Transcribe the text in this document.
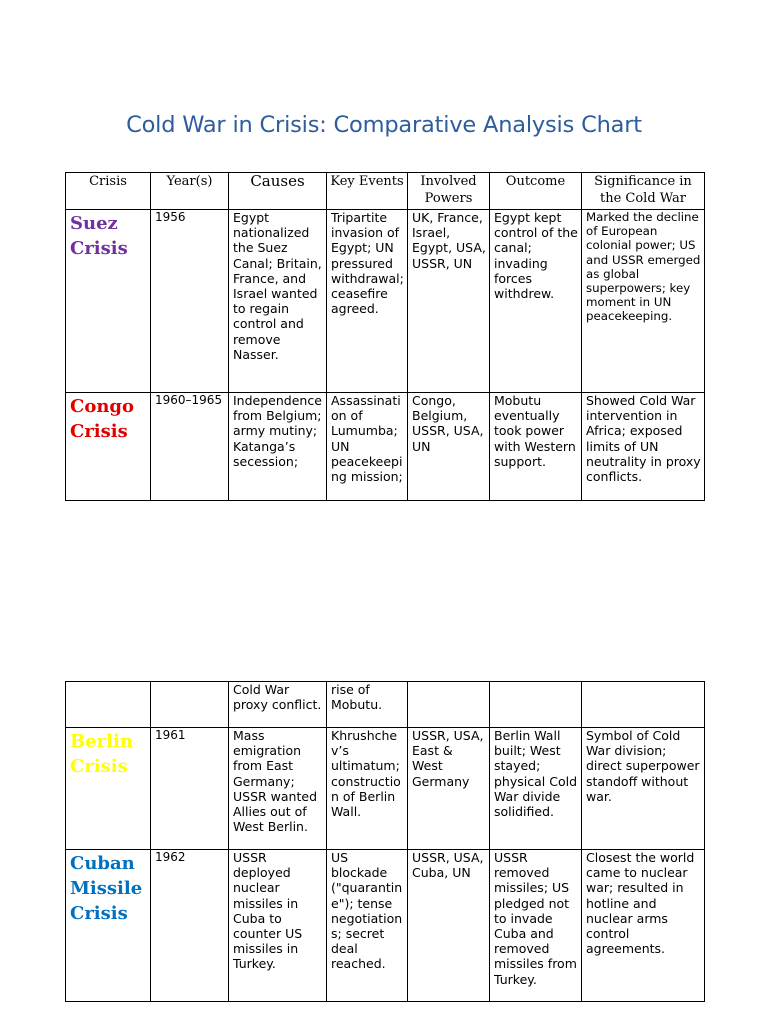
Cold War in Crisis: Comparative Analysis Chart
Crisis	Year(s)	Causes	Key Events	Involved Powers	Outcome	Significance in the Cold War
Suez Crisis	1956	Egypt nationalized the Suez Canal; Britain, France, and Israel wanted to regain control and remove Nasser.	Tripartite invasion of Egypt; UN pressured withdrawal; ceasefire agreed.	UK, France, Israel, Egypt, USA, USSR, UN	Egypt kept control of the canal; invading forces withdrew.	Marked the decline of European colonial power; US and USSR emerged as global superpowers; key moment in UN peacekeeping.
Congo Crisis	1960–1965	Independence from Belgium; army mutiny; Katanga’s secession;	Assassination of Lumumba; UN peacekeeping mission;	Congo, Belgium, USSR, USA, UN	Mobutu eventually took power with Western support.	Showed Cold War intervention in Africa; exposed limits of UN neutrality in proxy conflicts.
		Cold War proxy conflict.	rise of Mobutu.			
Berlin Crisis	1961	Mass emigration from East Germany; USSR wanted Allies out of West Berlin.	Khrushchev’s ultimatum; construction of Berlin Wall.	USSR, USA, East & West Germany	Berlin Wall built; West stayed; physical Cold War divide solidified.	Symbol of Cold War division; direct superpower standoff without war.
Cuban Missile Crisis	1962	USSR deployed nuclear missiles in Cuba to counter US missiles in Turkey.	US blockade ("quarantine"); tense negotiations; secret deal reached.	USSR, USA, Cuba, UN	USSR removed missiles; US pledged not to invade Cuba and removed missiles from Turkey.	Closest the world came to nuclear war; resulted in hotline and nuclear arms control agreements.
